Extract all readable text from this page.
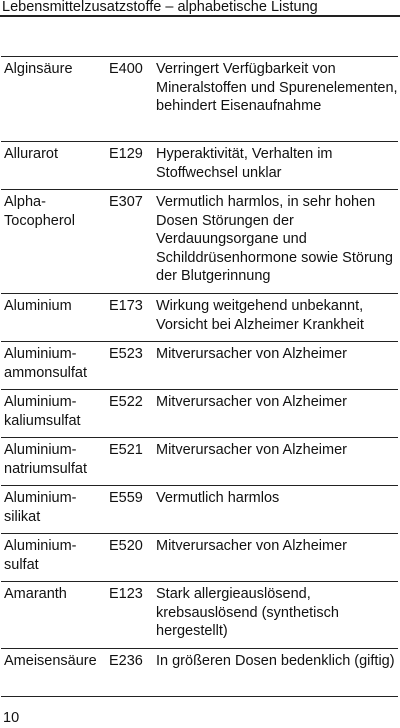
Lebensmittelzusatzstoffe – alphabetische Listung
Alginsäure	E400	Verringert Verfügbarkeit von Mineralstoffen und Spurenelementen, behindert Eisenaufnahme
Allurarot	E129	Hyperaktivität, Verhalten im Stoffwechsel unklar
Alpha-Tocopherol	E307	Vermutlich harmlos, in sehr hohen Dosen Störungen der Verdauungsorgane und Schilddrüsenhormone sowie Störung der Blutgerinnung
Aluminium	E173	Wirkung weitgehend unbekannt, Vorsicht bei Alzheimer Krankheit
Aluminium-ammonsulfat	E523	Mitverursacher von Alzheimer
Aluminium-kaliumsulfat	E522	Mitverursacher von Alzheimer
Aluminium-natriumsulfat	E521	Mitverursacher von Alzheimer
Aluminium-silikat	E559	Vermutlich harmlos
Aluminium-sulfat	E520	Mitverursacher von Alzheimer
Amaranth	E123	Stark allergieauslösend, krebsauslösend (synthetisch hergestellt)
Ameisensäure	E236	In größeren Dosen bedenklich (giftig)
10
